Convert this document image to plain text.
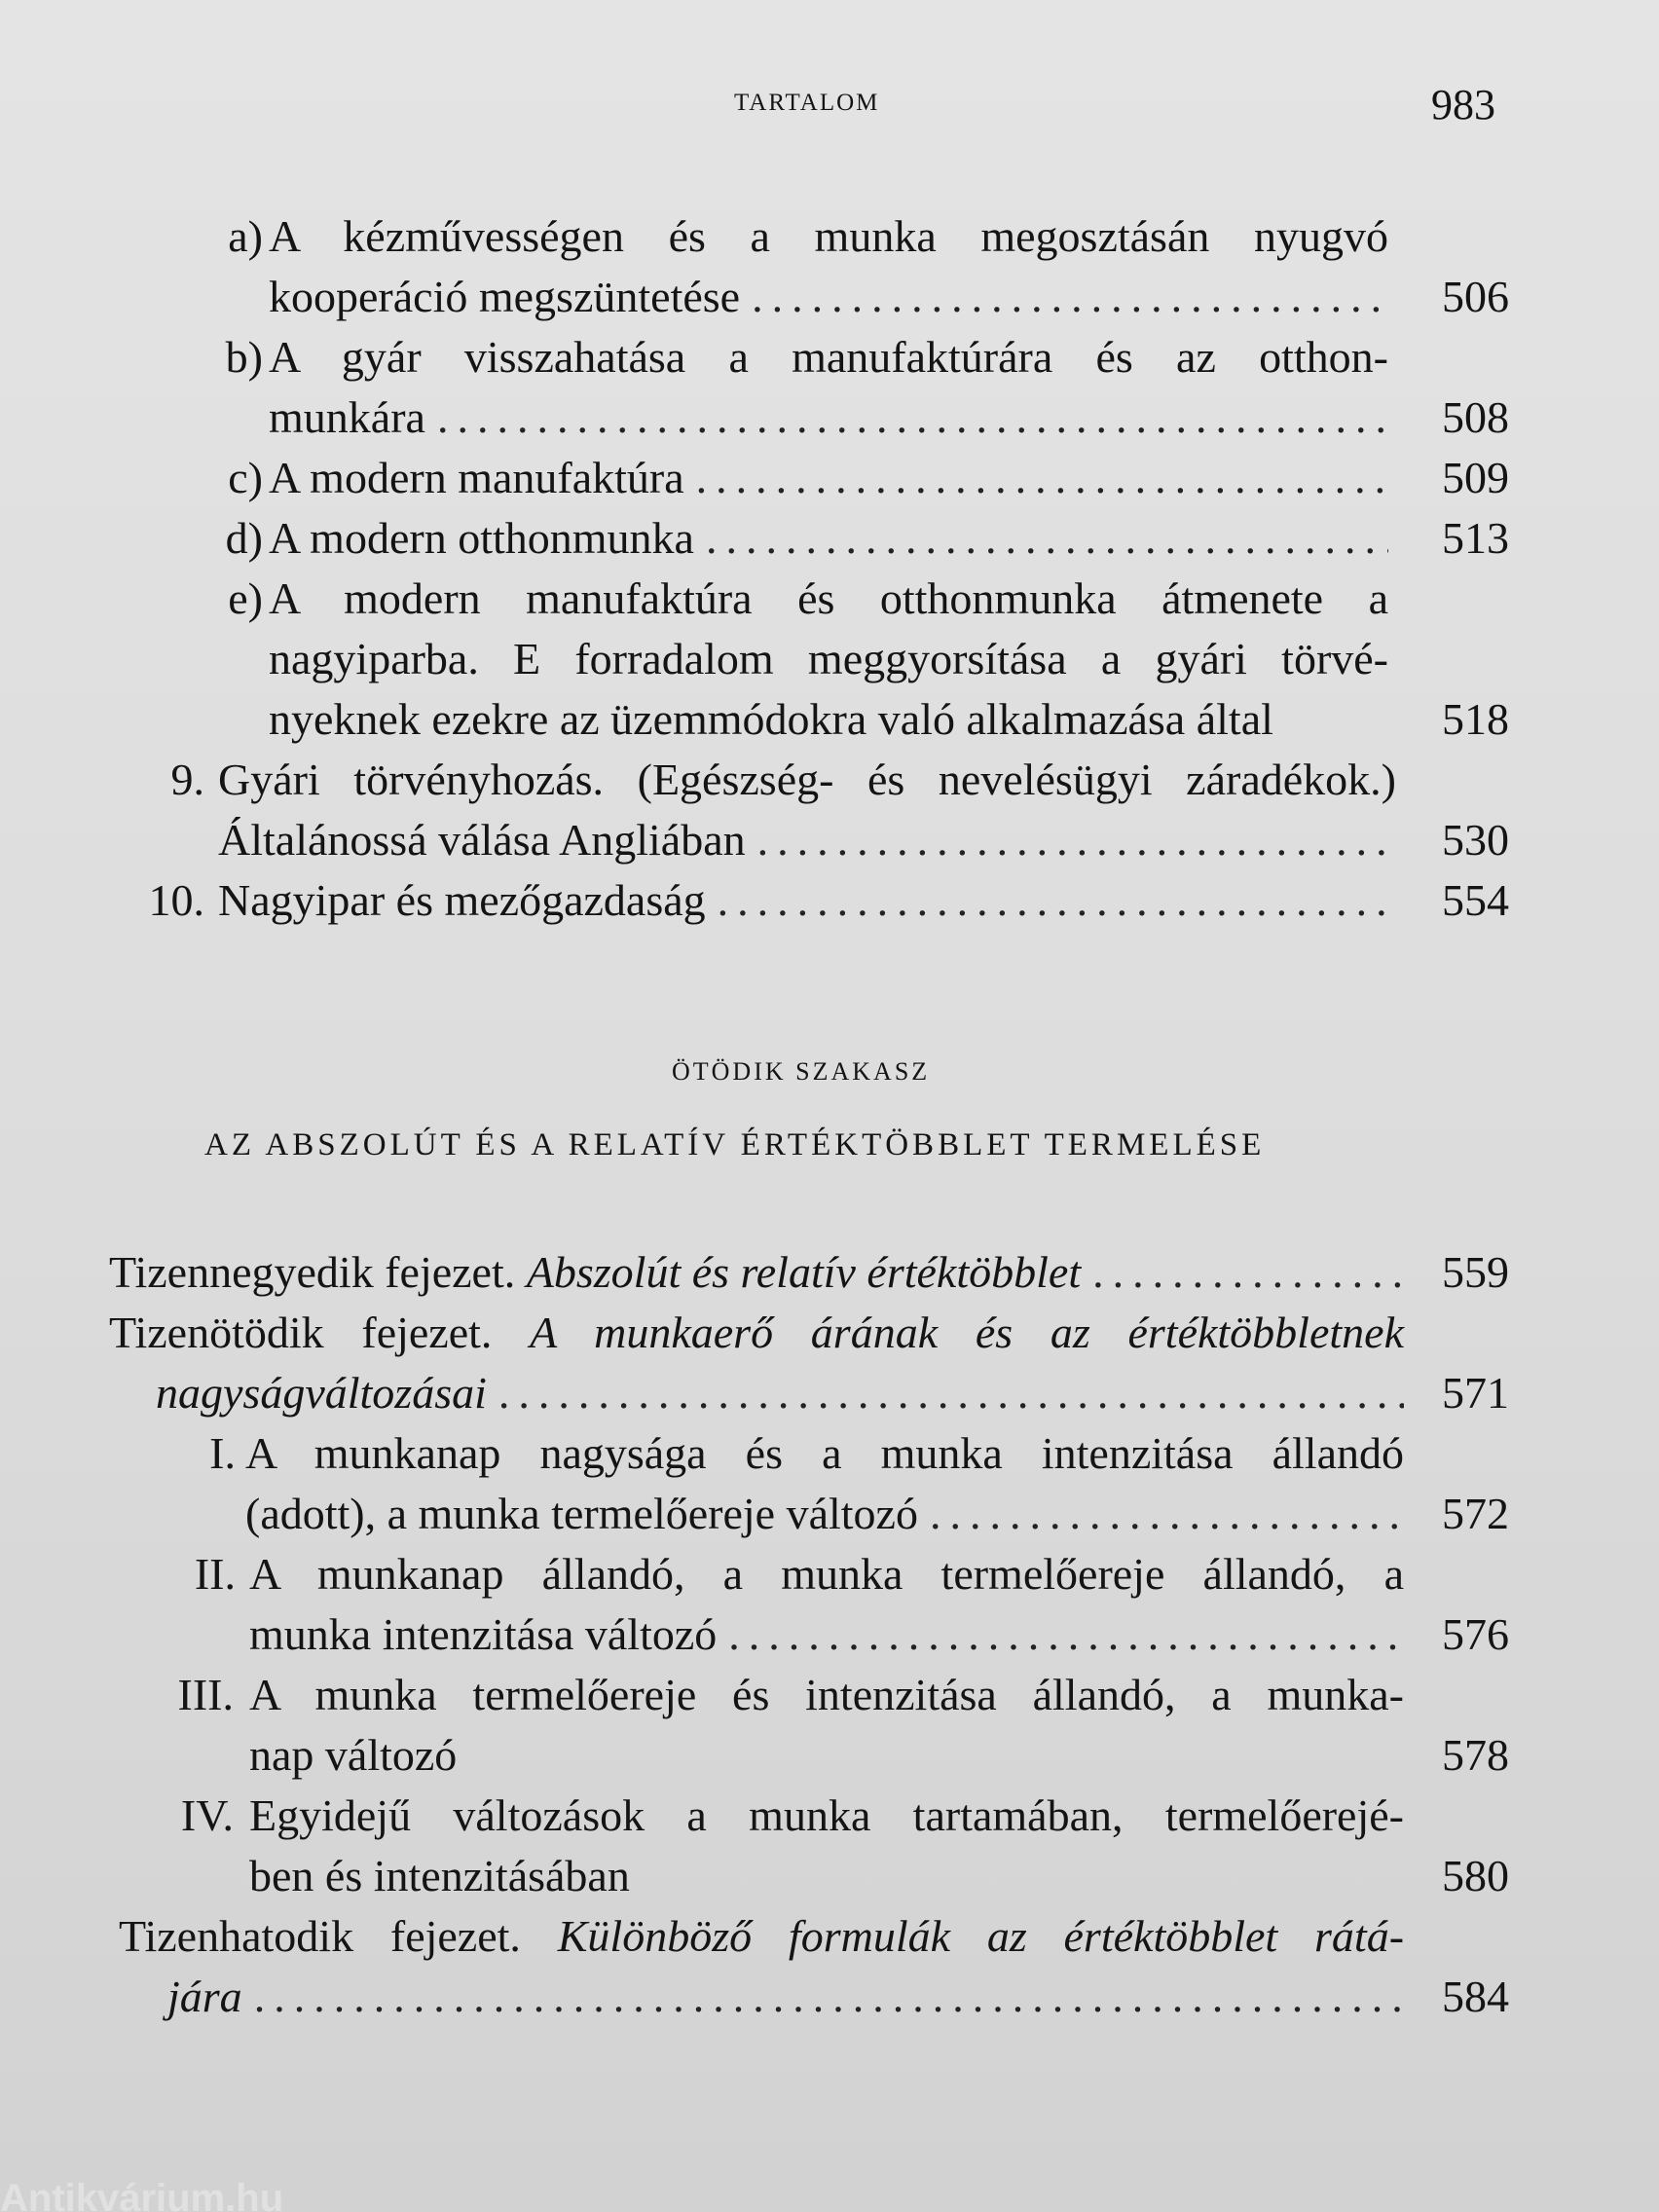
TARTALOM	983
a) A kézművességen és a munka megosztásán nyugvó
kooperáció megszüntetése .....	506
b) A gyár visszahatása a manufaktúrára és az otthon-
munkára .....	508
c) A modern manufaktúra .....	509
d) A modern otthonmunka .....	513
e) A modern manufaktúra és otthonmunka átmenete a
nagyiparba. E forradalom meggyorsítása a gyári törvé-
nyeknek ezekre az üzemmódokra való alkalmazása által	518
9. Gyári törvényhozás. (Egészség- és nevelésügyi záradékok.)
Általánossá válása Angliában .....	530
10. Nagyipar és mezőgazdaság .....	554
ÖTÖDIK SZAKASZ
AZ ABSZOLÚT ÉS A RELATÍV ÉRTÉKTÖBBLET TERMELÉSE
Tizennegyedik fejezet.
Abszolút és relatív értéktöbblet .....	559
Tizenötödik fejezet. A munkaerő árának és az értéktöbbletnek
nagyságváltozásai .....	571
I. A munkanap nagysága és a munka intenzitása állandó
(adott), a munka termelőereje változó .....	572
II. A munkanap állandó, a munka termelőereje állandó, a
munka intenzitása változó .....	576
III. A munka termelőereje és intenzitása állandó, a munka-
nap változó	578
IV. Egyidejű változások a munka tartamában, termelőerejé-
ben és intenzitásában	580
Tizenhatodik fejezet. Különböző formulák az értéktöbblet rátá-
jára .....	584
Antikvárium.hu
